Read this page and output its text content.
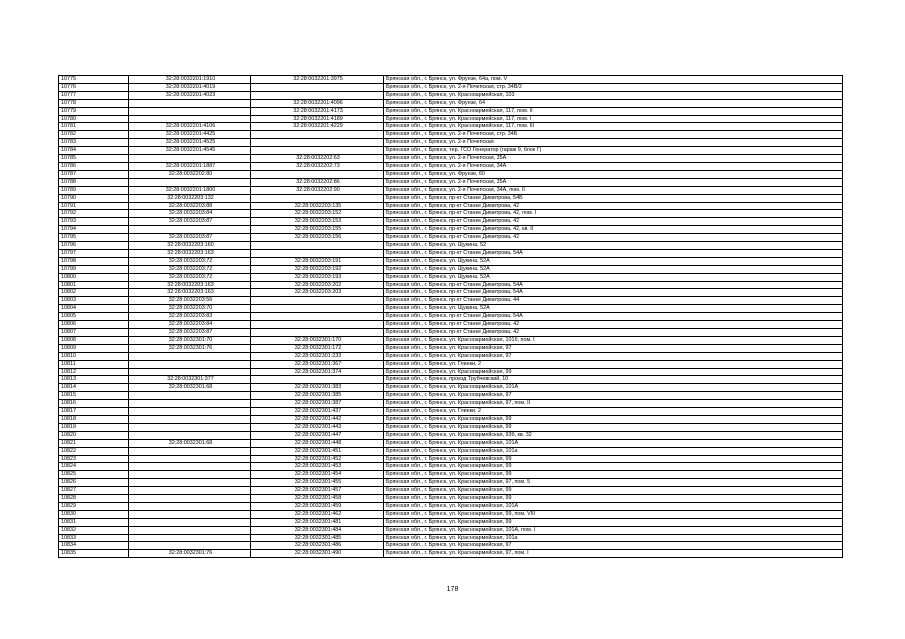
10775	32:28:0032201:1910	32:28:0032201:3975	Брянская обл., г. Брянск, ул. Фрунзе, 64а, пом. V
10776	32:28:0032201:4019		Брянская обл., г. Брянск, ул. 2-я Почепская, стр. 34В/2
10777	32:28:0032201:4023		Брянская обл., г. Брянск, ул. Красноармейская, 103
10778		32:28:0032201:4096	Брянская обл., г. Брянск, ул. Фрунзе, 64
10779		32:28:0032201:4173	Брянская обл., г. Брянск, ул. Красноармейская, 117, пом. II
10780		32:28:0032201:4189	Брянская обл., г. Брянск, ул. Красноармейская, 117, пом. I
10781	32:28:0032201:4106	32:28:0032201:4229	Брянская обл., г. Брянск, ул. Красноармейская, 117, пом. III
10782	32:28:0032201:4425		Брянская обл., г. Брянск, ул. 2-я Почепская, стр. 34Б
10783	32:28:0032201:4525		Брянская обл., г. Брянск, ул. 2-я Почепская
10784	32:28:0032201:4545		Брянская обл., г. Брянск, тер. ГСО Генератор (гараж 9, блок Г)
10785		32:28:0032202:63	Брянская обл., г. Брянск, ул. 2-я Почепская, 35А
10786	32:28:0032201:1887	32:28:0032202:73	Брянская обл., г. Брянск, ул. 2-я Почепская, 34А
10787	32:28:0032202:80		Брянская обл., г. Брянск, ул. Фрунзе, 60
10788		32:28:0032202:86	Брянская обл., г. Брянск, ул. 2-я Почепская, 35А
10789	32:28:0032201:1800	32:28:0032202:90	Брянская обл., г. Брянск, ул. 2-я Почепская, 34А, пом. II
10790	32:28:0032203:132		Брянская обл., г. Брянск, пр-кт Станке Димитрова, 54Б
10791	32:28:0032203:88	32:28:0032203:135	Брянская обл., г. Брянск, пр-кт Станке Димитрова, 42
10792	32:28:0032203:84	32:28:0032203:152	Брянская обл., г. Брянск, пр-кт Станке Димитрова, 42, пом. I
10793	32:28:0032203:87	32:28:0032203:153	Брянская обл., г. Брянск, пр-кт Станке Димитрова, 42
10794		32:28:0032203:155	Брянская обл., г. Брянск, пр-кт Станке Димитрова, 42, кв. II
10795	32:28:0032203:87	32:28:0032203:156	Брянская обл., г. Брянск, пр-кт Станке Димитрова, 42
10796	32:28:0032203:160		Брянская обл., г. Брянск, ул. Щукина, 52
10797	32:28:0032203:163		Брянская обл., г. Брянск, пр-кт Станке Димитрова, 54А
10798	32:28:0032203:72	32:28:0032203:191	Брянская обл., г. Брянск, ул. Щукина, 52А
10799	32:28:0032203:72	32:28:0032203:192	Брянская обл., г. Брянск, ул. Щукина, 52А
10800	32:28:0032203:72	32:28:0032203:193	Брянская обл., г. Брянск, ул. Щукина, 52А
10801	32:28:0032203:163	32:28:0032203:202	Брянская обл., г. Брянск, пр-кт Станке Димитрова, 54А
10802	32:28:0032203:163	32:28:0032203:203	Брянская обл., г. Брянск, пр-кт Станке Димитрова, 54А
10803	32:28:0032203:56		Брянская обл., г. Брянск, пр-кт Станке Димитрова, 44
10804	32:28:0032203:70		Брянская обл., г. Брянск, ул. Щукина, 52А
10805	32:28:0032203:83		Брянская обл., г. Брянск, пр-кт Станке Димитрова, 54А
10806	32:28:0032203:84		Брянская обл., г. Брянск, пр-кт Станке Димитрова, 42
10807	32:28:0032203:87		Брянская обл., г. Брянск, пр-кт Станке Димитрова, 42
10808	32:28:0032301:70	32:28:0032301:170	Брянская обл., г. Брянск, ул. Красноармейская, 101б, пом. I
10809	32:28:0032301:76	32:28:0032301:172	Брянская обл., г. Брянск, ул. Красноармейская, 97
10810		32:28:0032301:233	Брянская обл., г. Брянск, ул. Красноармейская, 97
10811		32:28:0032301:367	Брянская обл., г. Брянск, ул. Глинки, 2
10812		32:28:0032301:374	Брянская обл., г. Брянск, ул. Красноармейская, 99
10813	32:28:0032301:377		Брянская обл., г. Брянск, проезд Трубчевский, 10
10814	32:28:0032301:68	32:28:0032301:383	Брянская обл., г. Брянск, ул. Красноармейская, 101А
10815		32:28:0032301:385	Брянская обл., г. Брянск, ул. Красноармейская, 97
10816		32:28:0032301:387	Брянская обл., г. Брянск, ул. Красноармейская, 97, пом. II
10817		32:28:0032301:437	Брянская обл., г. Брянск, ул. Глинки, 2
10818		32:28:0032301:442	Брянская обл., г. Брянск, ул. Красноармейская, 99
10819		32:28:0032301:443	Брянская обл., г. Брянск, ул. Красноармейская, 99
10820		32:28:0032301:447	Брянская обл., г. Брянск, ул. Красноармейская, 93б, кв. 32
10821	32:28:0032301:68	32:28:0032301:448	Брянская обл., г. Брянск, ул. Красноармейская, 101А
10822		32:28:0032301:451	Брянская обл., г. Брянск, ул. Красноармейская, 101а
10823		32:28:0032301:452	Брянская обл., г. Брянск, ул. Красноармейская, 99
10824		32:28:0032301:453	Брянская обл., г. Брянск, ул. Красноармейская, 99
10825		32:28:0032301:454	Брянская обл., г. Брянск, ул. Красноармейская, 99
10826		32:28:0032301:455	Брянская обл., г. Брянск, ул. Красноармейская, 97, пом. 5
10827		32:28:0032301:457	Брянская обл., г. Брянск, ул. Красноармейская, 99
10828		32:28:0032301:458	Брянская обл., г. Брянск, ул. Красноармейская, 99
10829		32:28:0032301:459	Брянская обл., г. Брянск, ул. Красноармейская, 101А
10830		32:28:0032301:462	Брянская обл., г. Брянск, ул. Красноармейская, 99, пом. VIII
10831		32:28:0032301:481	Брянская обл., г. Брянск, ул. Красноармейская, 99
10832		32:28:0032301:484	Брянская обл., г. Брянск, ул. Красноармейская, 101А, пом. I
10833		32:28:0032301:485	Брянская обл., г. Брянск, ул. Красноармейская, 101а
10834		32:28:0032301:486	Брянская обл., г. Брянск, ул. Красноармейская, 97
10835	32:28:0032301:76	32:28:0032301:490	Брянская обл., г. Брянск, ул. Красноармейская, 97, пом. I
178
